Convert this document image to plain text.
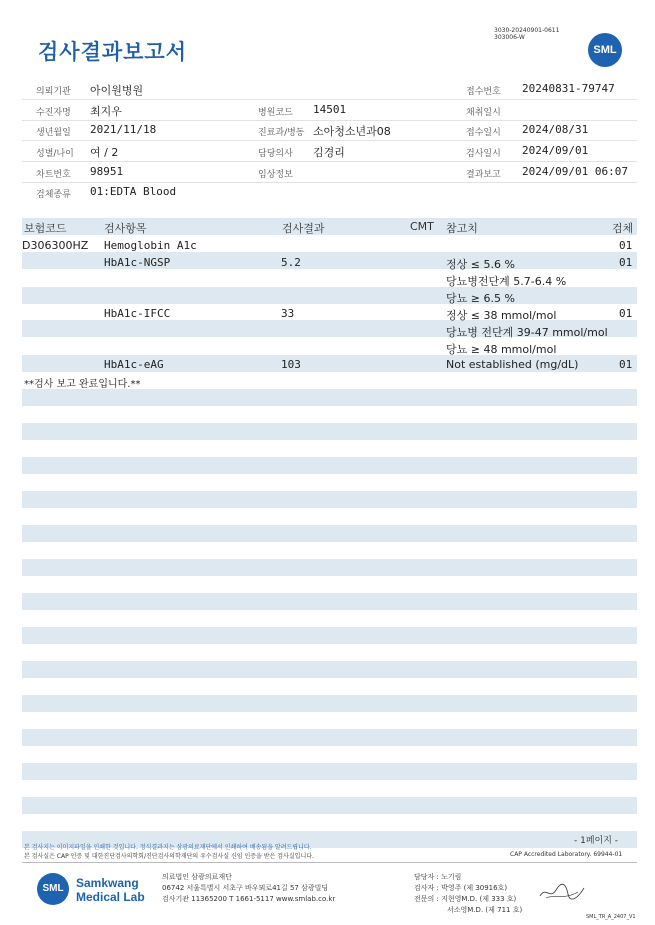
검사결과보고서
3030-20240901-0611
303006-W
SML
의뢰기관 아이원병원	접수번호 20240831-79747
수진자명 최지우	병원코드 14501	채취일시
생년월일 2021/11/18	진료과/병동 소아청소년과08	접수일시 2024/08/31
성별/나이 여 / 2	담당의사 김경리	검사일시 2024/09/01
차트번호 98951	임상정보	결과보고 2024/09/01 06:07
검체종류 01:EDTA Blood
보험코드	검사항목	검사결과	CMT 참고치	검체
D306300HZ Hemoglobin A1c	01
HbA1c-NGSP	5.2	정상 ≤ 5.6 %	01
당뇨병전단계 5.7-6.4 %
당뇨 ≥ 6.5 %
HbA1c-IFCC	33	정상 ≤ 38 mmol/mol	01
당뇨병 전단계 39-47 mmol/mol
당뇨 ≥ 48 mmol/mol
HbA1c-eAG	103	Not established (mg/dL)	01
**검사 보고 완료입니다.**
- 1페이지 -
본 검사지는 이미지파일을 인쇄한 것입니다. 정식결과지는 삼광의료재단에서 인쇄하여 배송됨을 알려드립니다.
본 검사실은 CAP 인증 및 대한진단검사의학회/진단검사의학재단의 우수검사실 신임 인증을 받은 검사실입니다.	CAP Accredited Laboratory. 69944-01
SML	Samkwang
Medical Lab
의료법인 삼광의료재단
06742 서울특별시 서초구 바우뫼로41길 57 삼광빌딩
검사기관 11365200 T 1661-5117 www.smlab.co.kr
담당자 : 노기림
검사자 : 박영주 (제 30916호)
전문의 : 지현영M.D. (제 333 호)
서소영M.D. (제 711 호)
SML_TR_A_2407_V1
